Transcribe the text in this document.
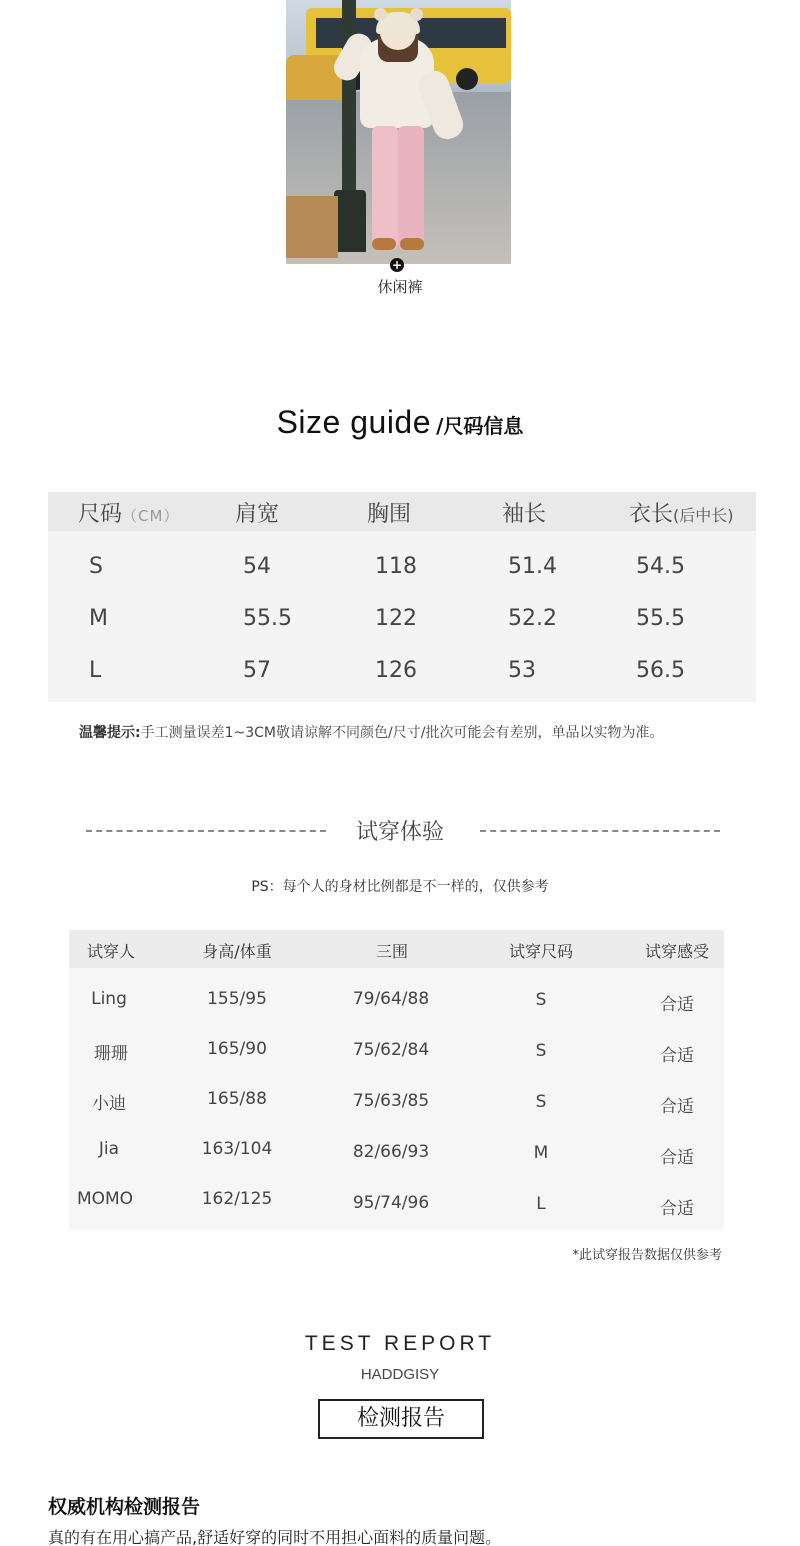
+
休闲裤
Size guide /尺码信息
尺码（CM）	肩宽	胸围	袖长	衣长(后中长)
S	54	118	51.4	54.5
M	55.5	122	52.2	55.5
L	57	126	53	56.5
温馨提示:手工测量误差1~3CM敬请谅解不同颜色/尺寸/批次可能会有差别，单品以实物为准。
试穿体验
PS：每个人的身材比例都是不一样的，仅供参考
试穿人	身高/体重	三围	试穿尺码	试穿感受
Ling	155/95	79/64/88	S	合适
珊珊	165/90	75/62/84	S	合适
小迪	165/88	75/63/85	S	合适
Jia	163/104	82/66/93	M	合适
MOMO	162/125	95/74/96	L	合适
*此试穿报告数据仅供参考
TEST REPORT
HADDGISY
检测报告
权威机构检测报告
真的有在用心搞产品,舒适好穿的同时不用担心面料的质量问题。
